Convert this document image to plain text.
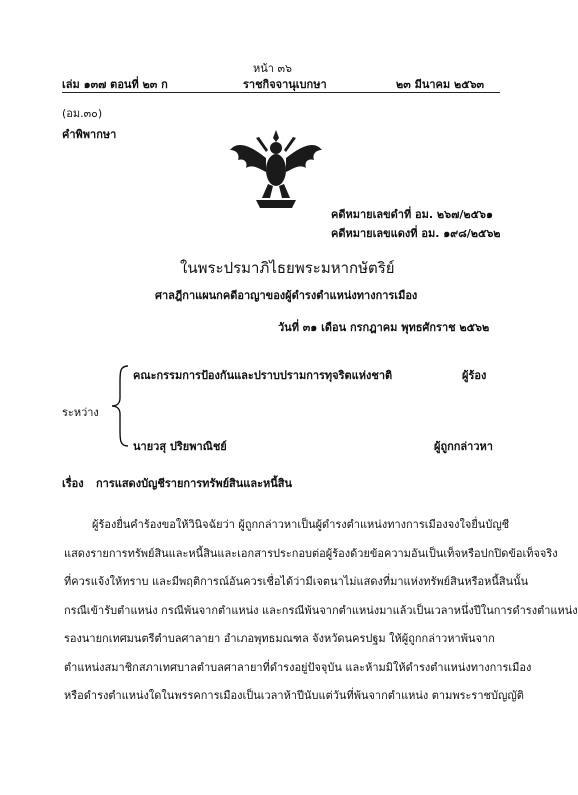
หน้า ๓๖
เล่ม ๑๓๗ ตอนที่ ๒๓ ก	ราชกิจจานุเบกษา	๒๓ มีนาคม ๒๕๖๓
(อม.๓๐)
คำพิพากษา
คดีหมายเลขดำที่ อม. ๒๖๗/๒๕๖๑
คดีหมายเลขแดงที่ อม. ๑๙๘/๒๕๖๒
ในพระปรมาภิไธยพระมหากษัตริย์
ศาลฎีกาแผนกคดีอาญาของผู้ดำรงตำแหน่งทางการเมือง
วันที่ ๓๑ เดือน กรกฎาคม พุทธศักราช ๒๕๖๒
คณะกรรมการป้องกันและปราบปรามการทุจริตแห่งชาติ	ผู้ร้อง
ระหว่าง
นายวสุ ปริยพาณิชย์	ผู้ถูกกล่าวหา
เรื่อง การแสดงบัญชีรายการทรัพย์สินและหนี้สิน
ผู้ร้องยื่นคำร้องขอให้วินิจฉัยว่า ผู้ถูกกล่าวหาเป็นผู้ดำรงตำแหน่งทางการเมืองจงใจยื่นบัญชี
แสดงรายการทรัพย์สินและหนี้สินและเอกสารประกอบต่อผู้ร้องด้วยข้อความอันเป็นเท็จหรือปกปิดข้อเท็จจริง
ที่ควรแจ้งให้ทราบ และมีพฤติการณ์อันควรเชื่อได้ว่ามีเจตนาไม่แสดงที่มาแห่งทรัพย์สินหรือหนี้สินนั้น
กรณีเข้ารับตำแหน่ง กรณีพ้นจากตำแหน่ง และกรณีพ้นจากตำแหน่งมาแล้วเป็นเวลาหนึ่งปีในการดำรงตำแหน่ง
รองนายกเทศมนตรีตำบลศาลายา อำเภอพุทธมณฑล จังหวัดนครปฐม ให้ผู้ถูกกล่าวหาพ้นจาก
ตำแหน่งสมาชิกสภาเทศบาลตำบลศาลายาที่ดำรงอยู่ปัจจุบัน และห้ามมิให้ดำรงตำแหน่งทางการเมือง
หรือดำรงตำแหน่งใดในพรรคการเมืองเป็นเวลาห้าปีนับแต่วันที่พ้นจากตำแหน่ง ตามพระราชบัญญัติ
